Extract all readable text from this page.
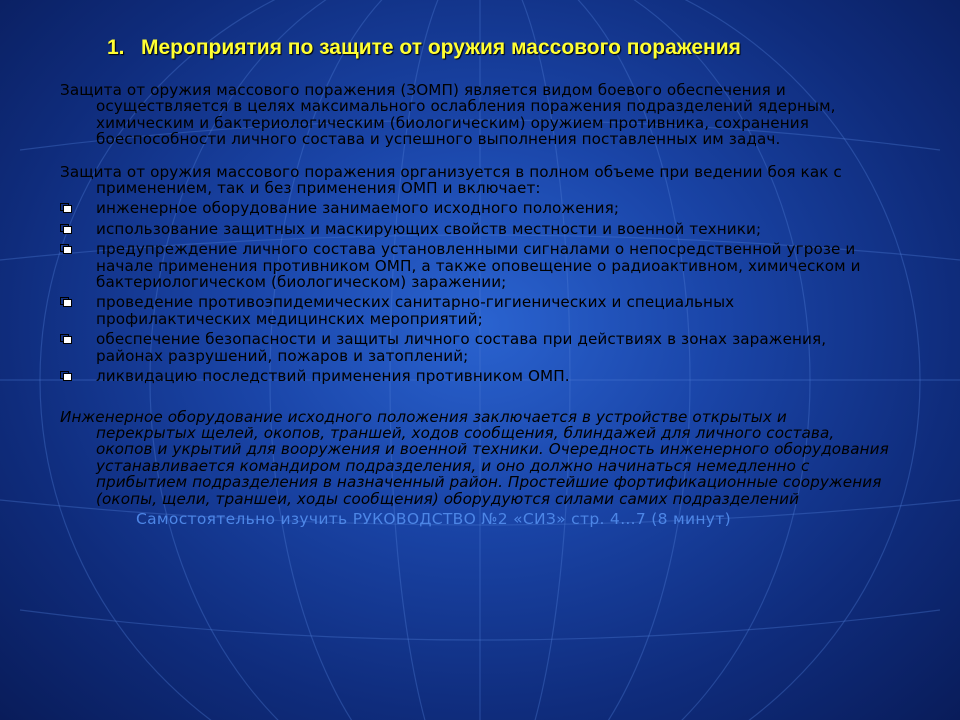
1. Мероприятия по защите от оружия массового поражения

Защита от оружия массового поражения (ЗОМП) является видом боевого обеспечения и осуществляется в целях максимального ослабления поражения подразделений ядерным, химическим и бактериологическим (биологическим) оружием противника, сохранения боеспособности личного состава и успешного выполнения поставленных им задач.

Защита от оружия массового поражения организуется в полном объеме при ведении боя как с применением, так и без применения ОМП и включает:

инженерное оборудование занимаемого исходного положения;
использование защитных и маскирующих свойств местности и военной техники;
предупреждение личного состава установленными сигналами о непосредственной угрозе и начале применения противником ОМП, а также оповещение о радиоактивном, химическом и бактериологическом (биологическом) заражении;
проведение противоэпидемических санитарно-гигиенических и специальных профилактических медицинских мероприятий;
обеспечение безопасности и защиты личного состава при действиях в зонах заражения, районах разрушений, пожаров и затоплений;
ликвидацию последствий применения противником ОМП.

Инженерное оборудование исходного положения заключается в устройстве открытых и перекрытых щелей, окопов, траншей, ходов сообщения, блиндажей для личного состава, окопов и укрытий для вооружения и военной техники. Очередность инженерного оборудования устанавливается командиром подразделения, и оно должно начинаться немедленно с прибытием подразделения в назначенный район. Простейшие фортификационные сооружения (окопы, щели, траншеи, ходы сообщения) оборудуются силами самих подразделений

Самостоятельно изучить РУКОВОДСТВО №2 «СИЗ» стр. 4…7 (8 минут)
